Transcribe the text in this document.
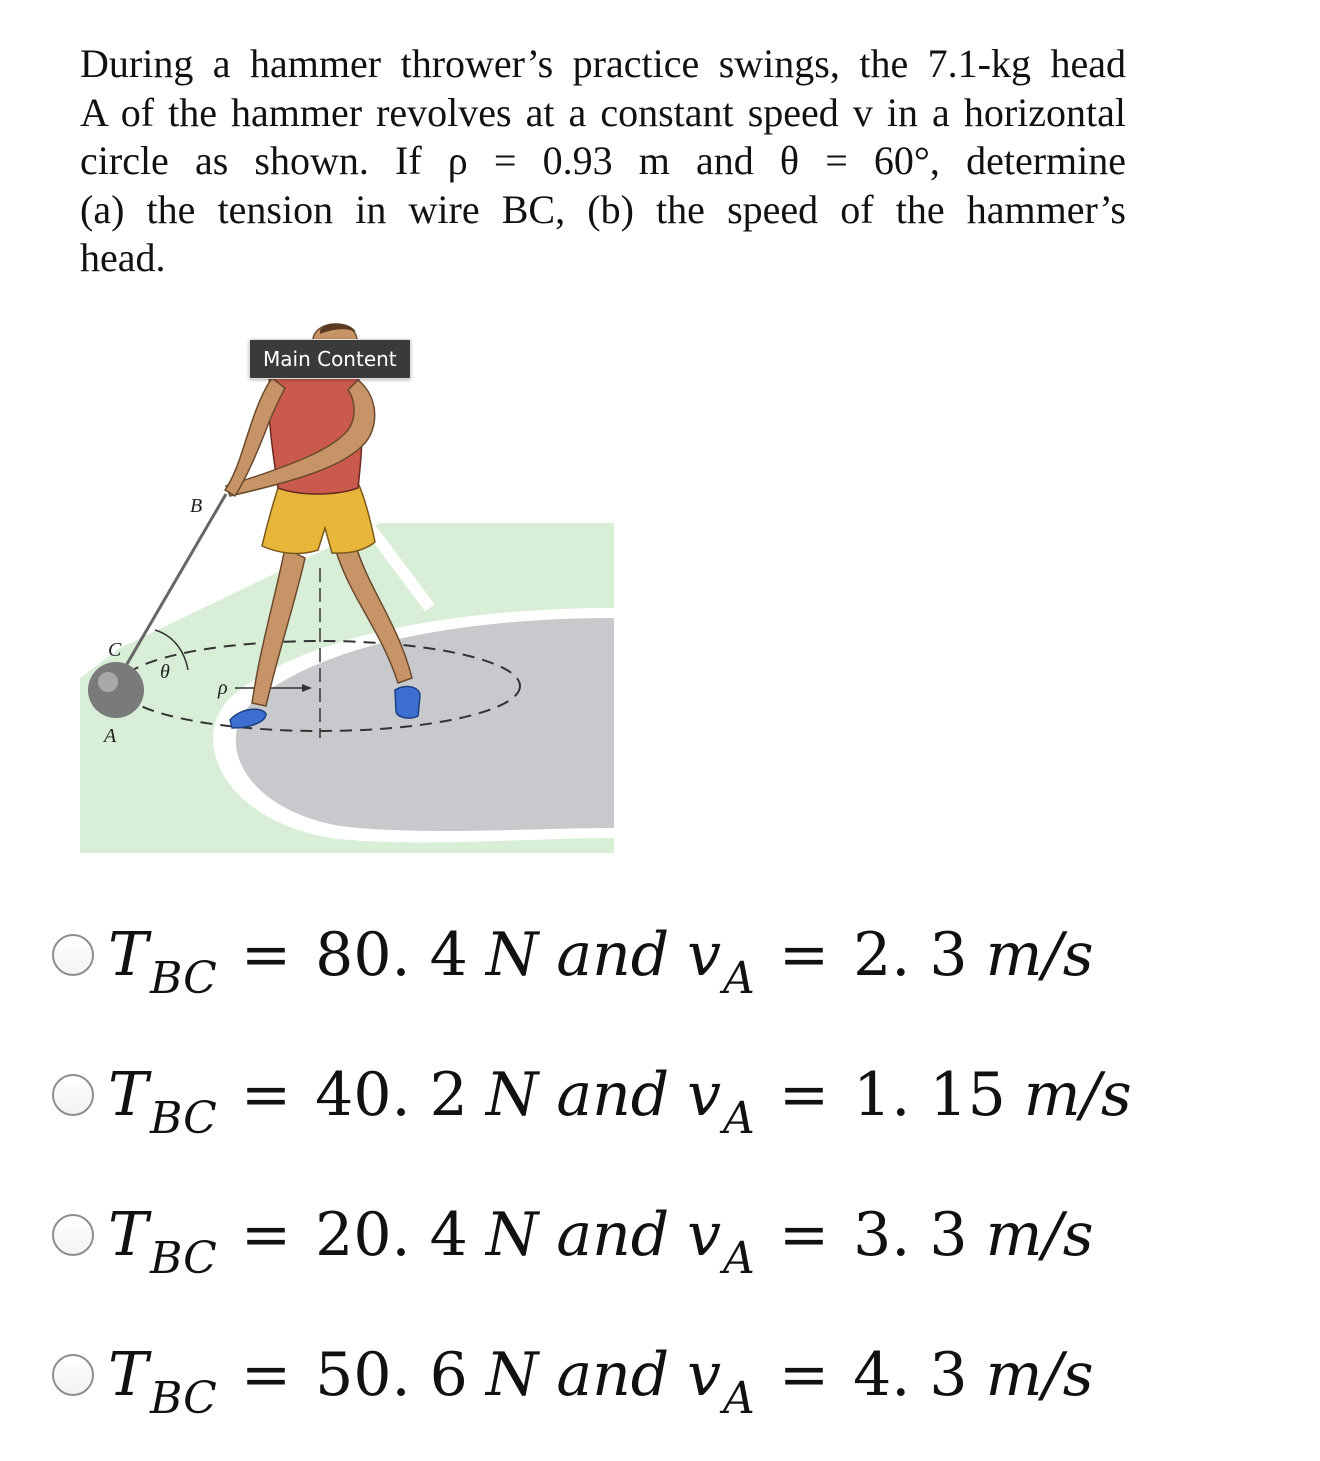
During a hammer thrower’s practice swings, the 7.1-kg head
A of the hammer revolves at a constant speed v in a horizontal
circle as shown. If ρ = 0.93 m and θ = 60°, determine
(a) the tension in wire BC, (b) the speed of the hammer’s
head.
B
C
A
θ
ρ
Main Content
T BC = 80. 4 N and v A = 2. 3 m/s
T BC = 40. 2 N and v A = 1. 15 m/s
T BC = 20. 4 N and v A = 3. 3 m/s
T BC = 50. 6 N and v A = 4. 3 m/s
